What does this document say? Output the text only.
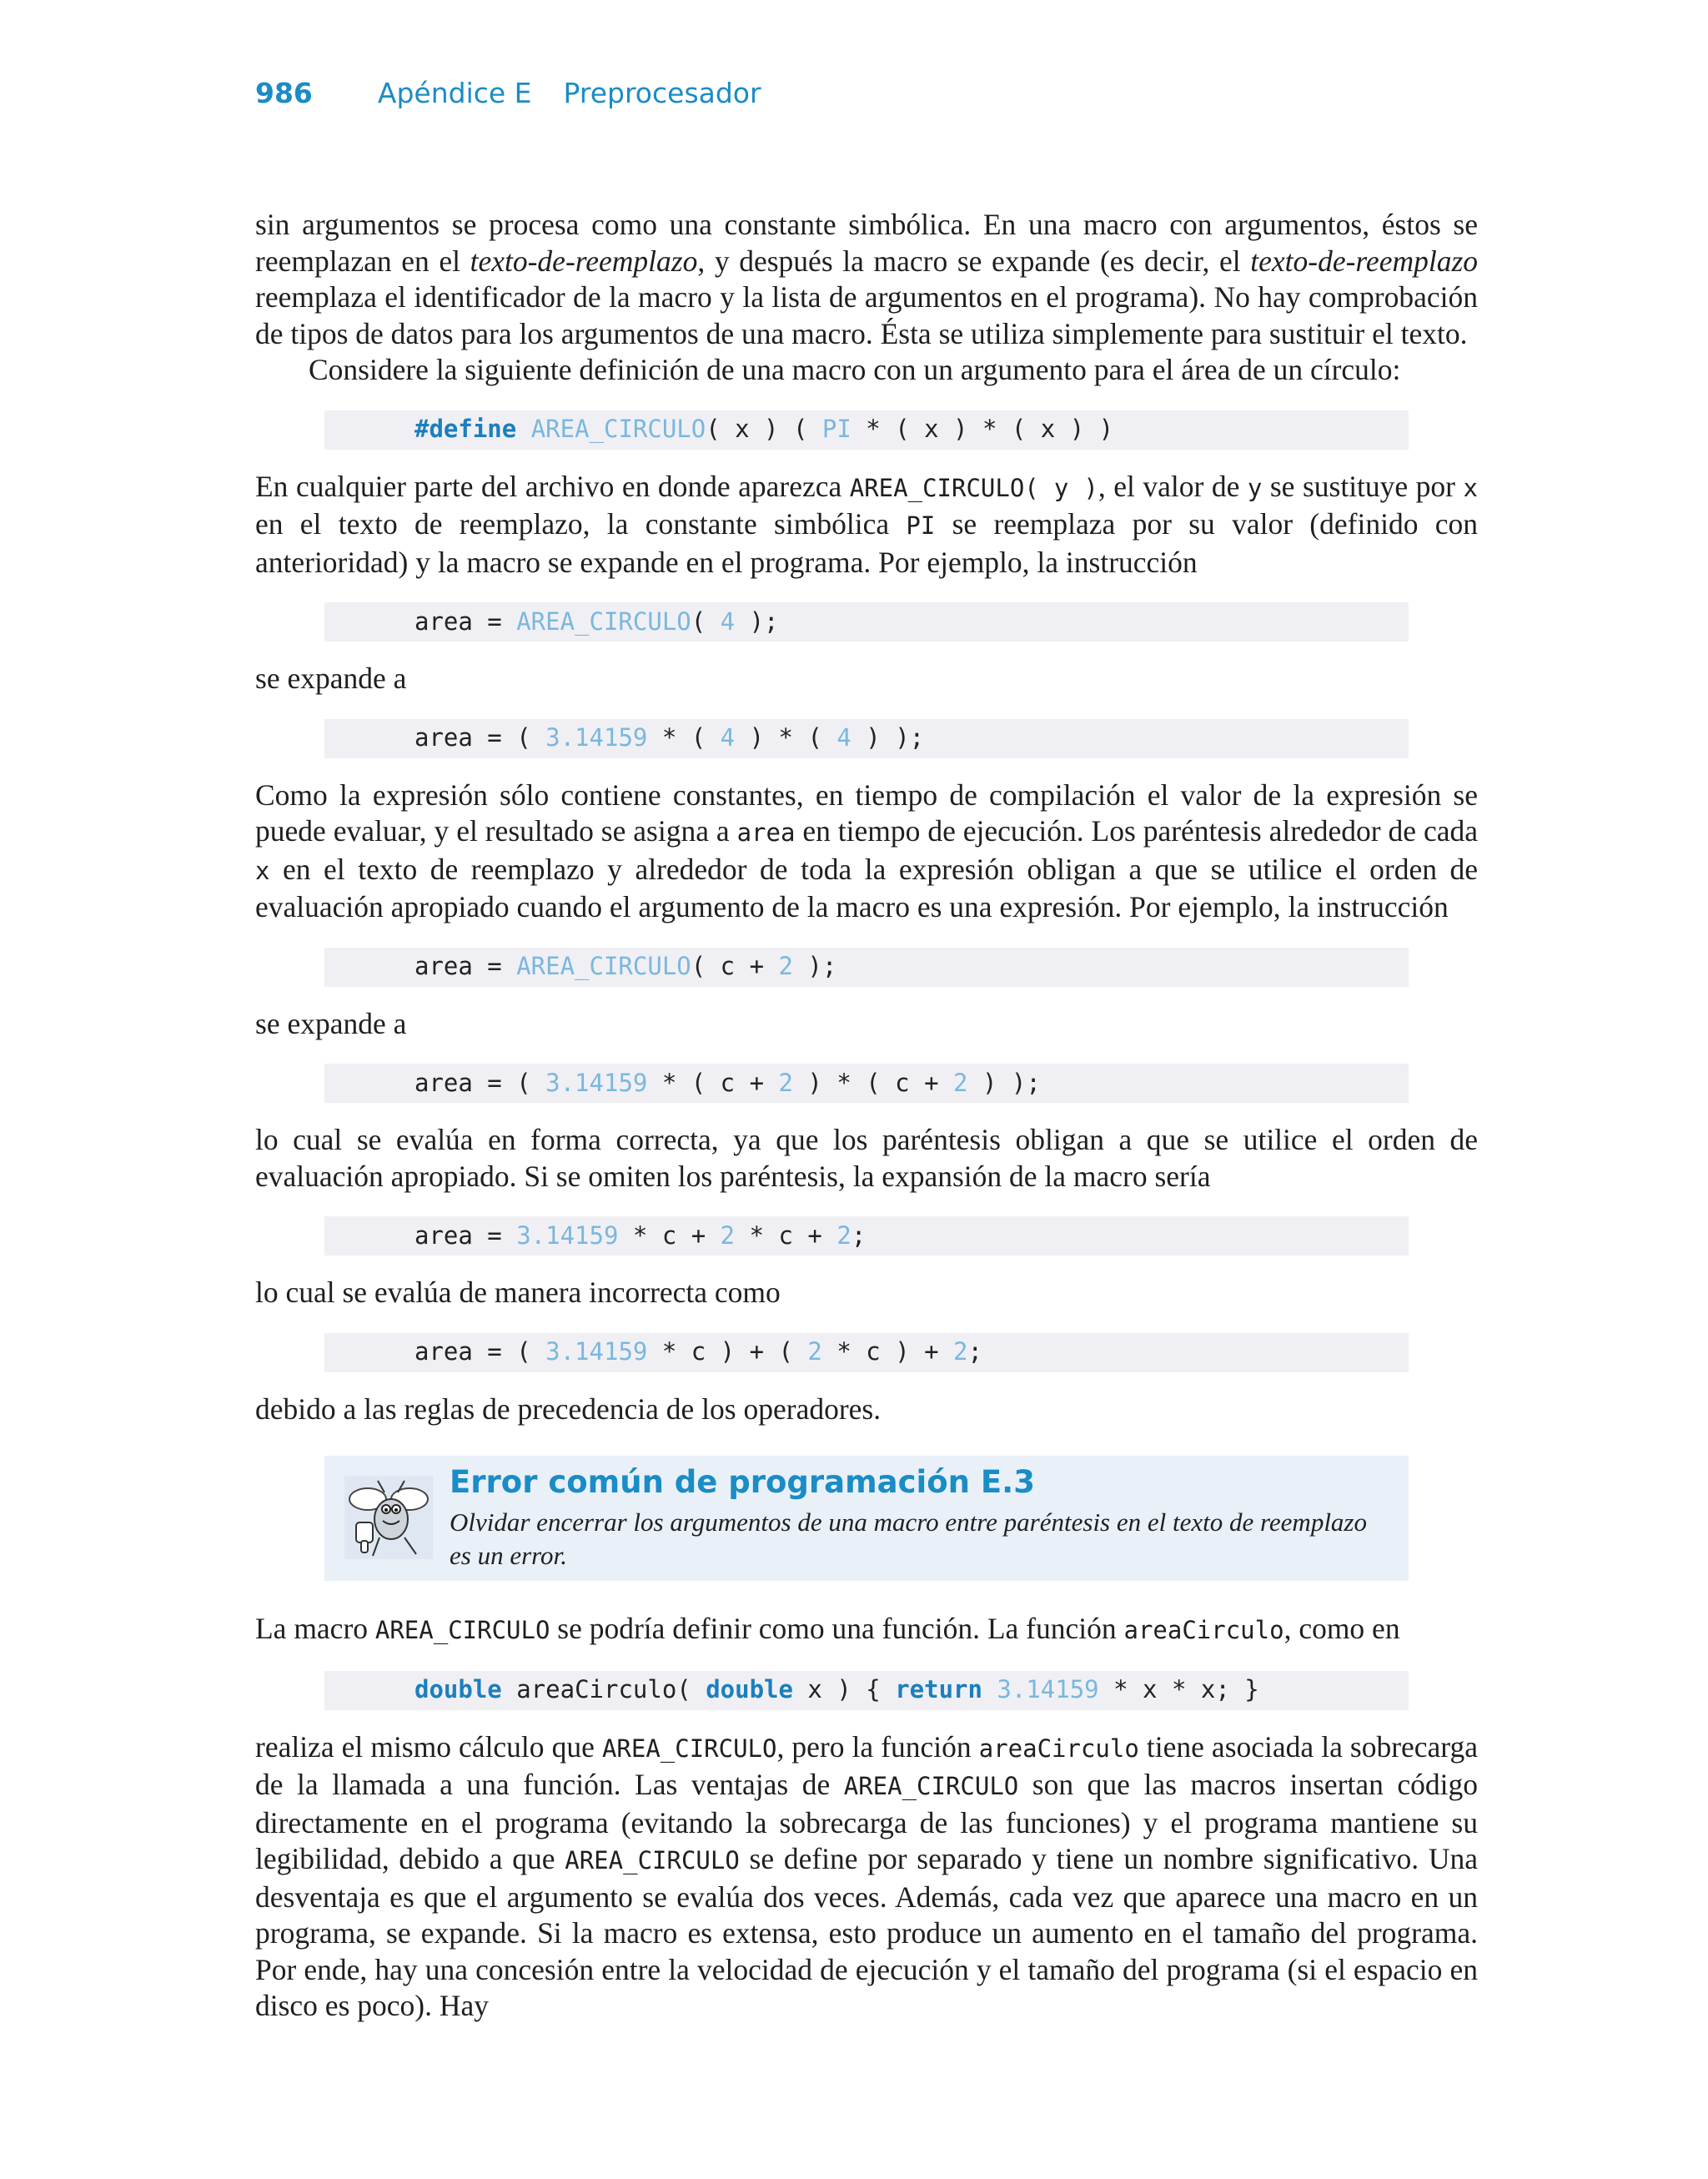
986 Apéndice E Preprocesador

sin argumentos se procesa como una constante simbólica. En una macro con argumentos, éstos se reemplazan en el texto-de-reemplazo, y después la macro se expande (es decir, el texto-de-reemplazo reemplaza el identificador de la macro y la lista de argumentos en el programa). No hay comprobación de tipos de datos para los argumentos de una macro. Ésta se utiliza simplemente para sustituir el texto.

Considere la siguiente definición de una macro con un argumento para el área de un círculo:

#define
AREA_CIRCULO ( x ) ( PI * ( x ) * ( x ) )

En cualquier parte del archivo en donde aparezca AREA_CIRCULO( y ), el valor de y se sustituye por x en el texto de reemplazo, la constante simbólica PI se reemplaza por su valor (definido con anterioridad) y la macro se expande en el programa. Por ejemplo, la instrucción

area = AREA_CIRCULO ( 4 );

se expande a

area = ( 3.14159 * ( 4 ) * ( 4 ) );

Como la expresión sólo contiene constantes, en tiempo de compilación el valor de la expresión se puede evaluar, y el resultado se asigna a area en tiempo de ejecución. Los paréntesis alrededor de cada x en el texto de reemplazo y alrededor de toda la expresión obligan a que se utilice el orden de evaluación apropiado cuando el argumento de la macro es una expresión. Por ejemplo, la instrucción

area = AREA_CIRCULO ( c + 2 );

se expande a

area = ( 3.14159 * ( c + 2 ) * ( c + 2 ) );

lo cual se evalúa en forma correcta, ya que los paréntesis obligan a que se utilice el orden de evaluación apropiado. Si se omiten los paréntesis, la expansión de la macro sería

area = 3.14159 * c + 2 * c + 2 ;

lo cual se evalúa de manera incorrecta como

area = ( 3.14159 * c ) + ( 2 * c ) + 2 ;

debido a las reglas de precedencia de los operadores.

Error común de programación E.3
Olvidar encerrar los argumentos de una macro entre paréntesis en el texto de reemplazo es un error.

La macro AREA_CIRCULO se podría definir como una función. La función areaCirculo, como en

double areaCirculo( double x ) { return
3.14159 * x * x; }

realiza el mismo cálculo que AREA_CIRCULO, pero la función areaCirculo tiene asociada la sobrecarga de la llamada a una función. Las ventajas de AREA_CIRCULO son que las macros insertan código directamente en el programa (evitando la sobrecarga de las funciones) y el programa mantiene su legibilidad, debido a que AREA_CIRCULO se define por separado y tiene un nombre significativo. Una desventaja es que el argumento se evalúa dos veces. Además, cada vez que aparece una macro en un programa, se expande. Si la macro es extensa, esto produce un aumento en el tamaño del programa. Por ende, hay una concesión entre la velocidad de ejecución y el tamaño del programa (si el espacio en disco es poco). Hay
